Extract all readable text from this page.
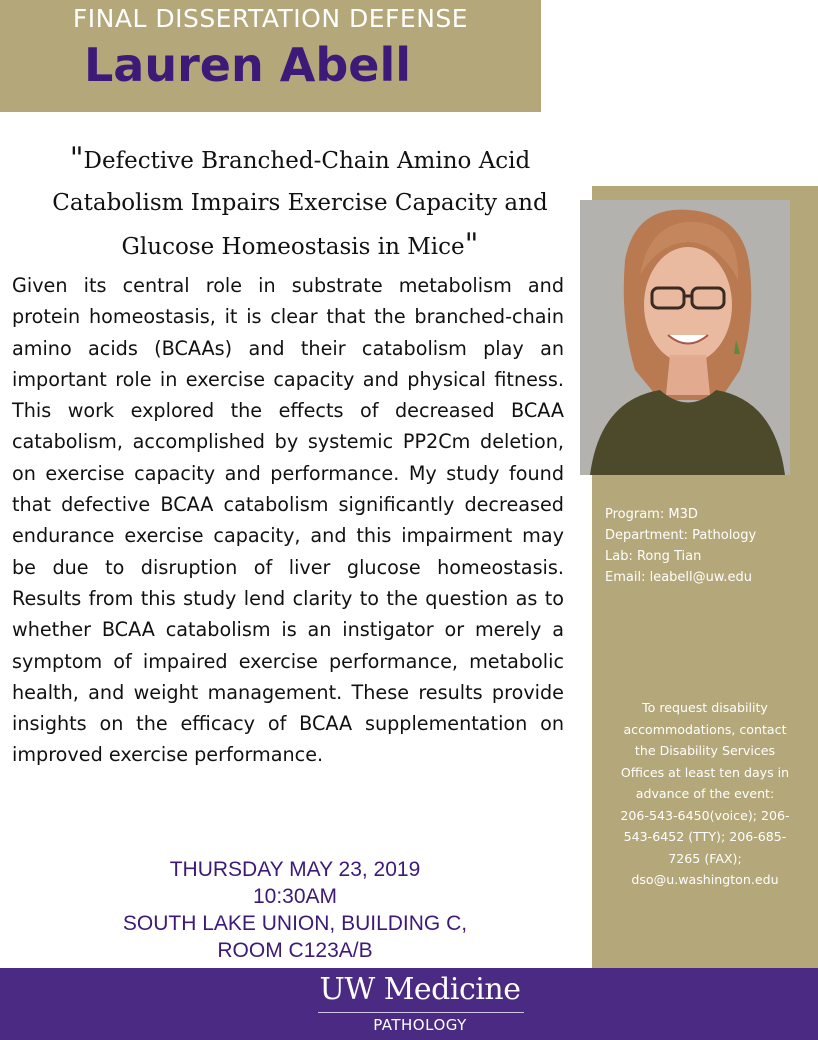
FINAL DISSERTATION DEFENSE
Lauren Abell
"Defective Branched-Chain Amino Acid
Catabolism Impairs Exercise Capacity and
Glucose Homeostasis in Mice"
Given its central role in substrate metabolism and protein homeostasis, it is clear that the branched-chain amino acids (BCAAs) and their catabolism play an important role in exercise capacity and physical fitness. This work explored the effects of decreased BCAA catabolism, accomplished by systemic PP2Cm deletion, on exercise capacity and performance. My study found that defective BCAA catabolism significantly decreased endurance exercise capacity, and this impairment may be due to disruption of liver glucose homeostasis. Results from this study lend clarity to the question as to whether BCAA catabolism is an instigator or merely a symptom of impaired exercise performance, metabolic health, and weight management. These results provide insights on the efficacy of BCAA supplementation on improved exercise performance.
THURSDAY MAY 23, 2019
10:30AM
SOUTH LAKE UNION, BUILDING C,
ROOM C123A/B
Program: M3D
Department: Pathology
Lab: Rong Tian
Email: leabell@uw.edu
To request disability
accommodations, contact
the Disability Services
Offices at least ten days in
advance of the event:
206-543-6450(voice); 206-
543-6452 (TTY); 206-685-
7265 (FAX);
dso@u.washington.edu
UW Medicine
PATHOLOGY
